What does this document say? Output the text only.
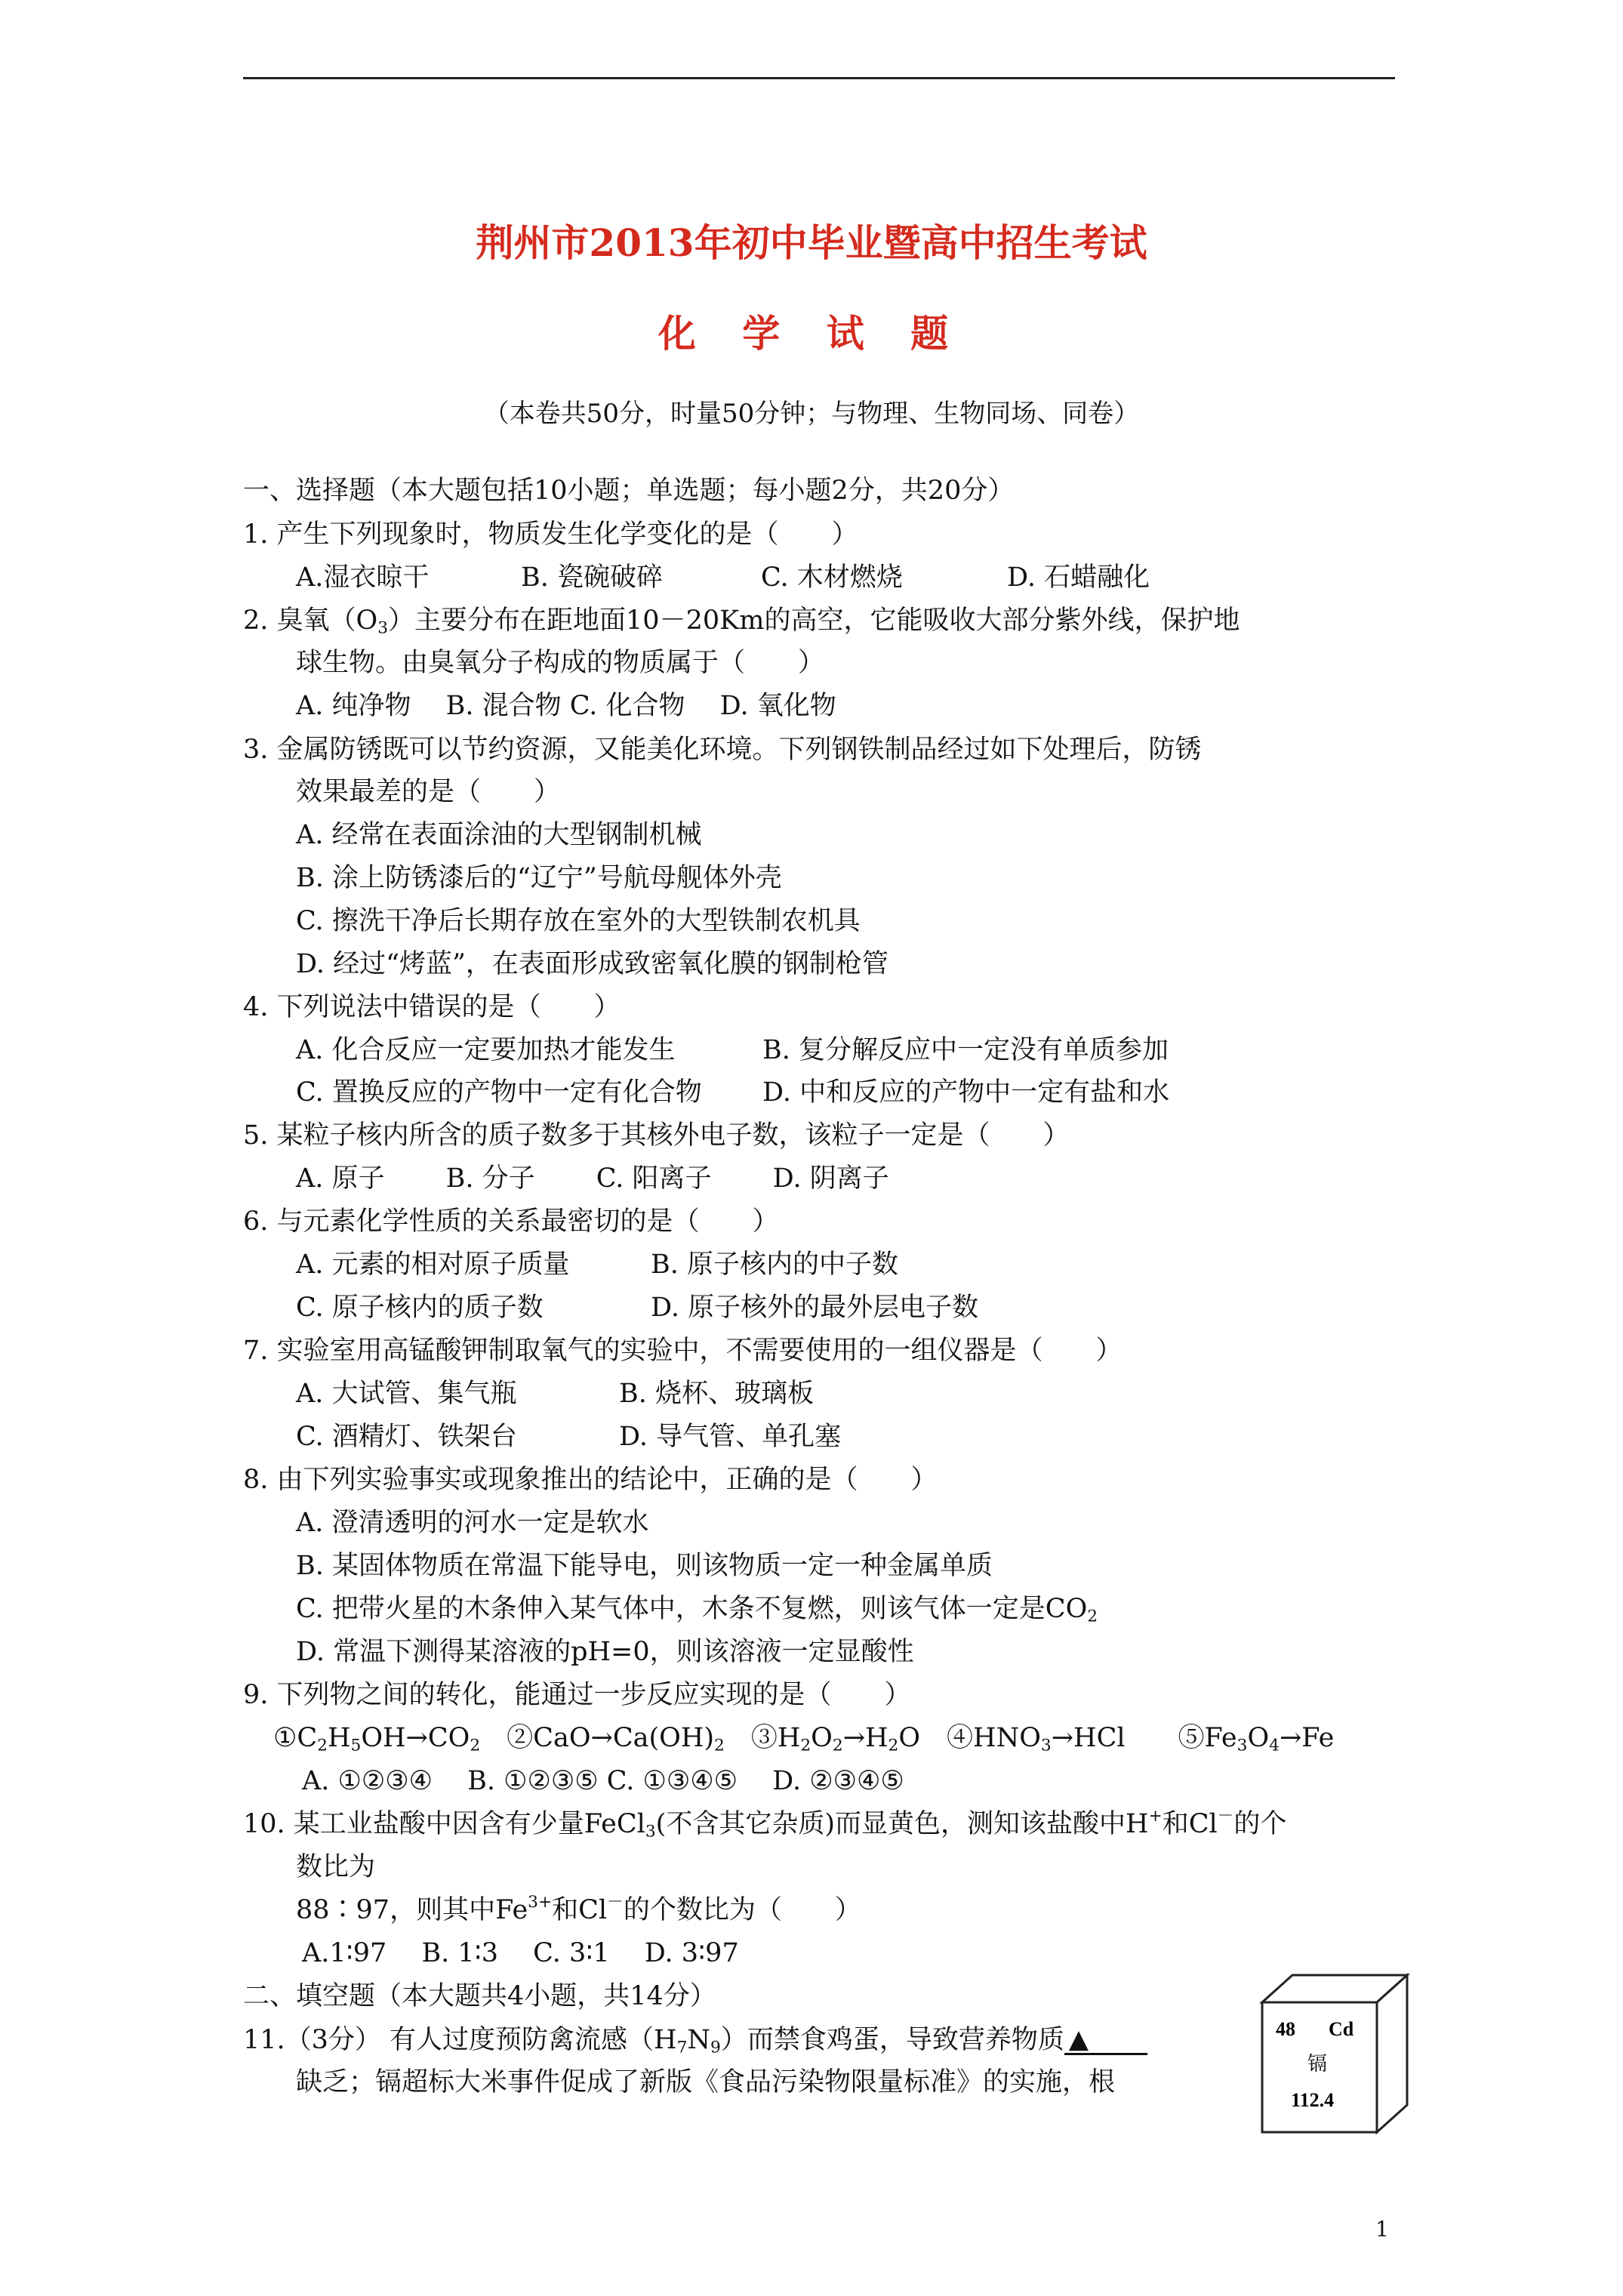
荆州市2013年初中毕业暨高中招生考试
化 学 试 题
（本卷共50分，时量50分钟；与物理、生物同场、同卷）
一、选择题（本大题包括10小题；单选题；每小题2分，共20分）
1. 产生下列现象时，物质发生化学变化的是（　　）
A.湿衣晾干	B. 瓷碗破碎	C. 木材燃烧	D. 石蜡融化
2. 臭氧$(O_3)$主要分布在距地面10－20Km的高空，它能吸收大部分紫外线，保护地
球生物。由臭氧分子构成的物质属于（　　）
A. 纯净物　 B. 混合物 C. 化合物　 D. 氧化物
3. 金属防锈既可以节约资源，又能美化环境。下列钢铁制品经过如下处理后，防锈
效果最差的是（　　）
A. 经常在表面涂油的大型钢制机械
B. 涂上防锈漆后的“辽宁”号航母舰体外壳
C. 擦洗干净后长期存放在室外的大型铁制农机具
D. 经过“烤蓝”，在表面形成致密氧化膜的钢制枪管
4. 下列说法中错误的是（　　）
A. 化合反应一定要加热才能发生	B. 复分解反应中一定没有单质参加
C. 置换反应的产物中一定有化合物 D. 中和反应的产物中一定有盐和水
5. 某粒子核内所含的质子数多于其核外电子数，该粒子一定是（　　）
A. 原子　　 B. 分子　　 C. 阳离子　　 D. 阴离子
6. 与元素化学性质的关系最密切的是（　　）
A. 元素的相对原子质量	B. 原子核内的中子数
C. 原子核内的质子数	D. 原子核外的最外层电子数
7. 实验室用高锰酸钾制取氧气的实验中，不需要使用的一组仪器是（　　）
A. 大试管、集气瓶	B. 烧杯、玻璃板
C. 酒精灯、铁架台	D. 导气管、单孔塞
8. 由下列实验事实或现象推出的结论中，正确的是（　　）
A. 澄清透明的河水一定是软水
B. 某固体物质在常温下能导电，则该物质一定一种金属单质
C. 把带火星的木条伸入某气体中，木条不复燃，则该气体一定是$CO_2$
D. 常温下测得某溶液的pH=0，则该溶液一定显酸性
9. 下列物之间的转化，能通过一步反应实现的是（　　）
$①C_2H_5OH\to CO_2$　$②CaO\to Ca(OH)_2$　$③H_2O_2\to H_2O$　$④HNO_3\to HCl$　　$⑤Fe_3O_4\to Fe$
A. ①②③④　 B. ①②③⑤ C. ①③④⑤　 D. ②③④⑤
10. 某工业盐酸中因含有少量FeCl$_3$(不含其它杂质)而显黄色，测知该盐酸中H+和Cl－的个
数比为
88∶97，则其中$Fe^{3+}$和Cl－的个数比为（　　）
A.1∶97　 B. 1∶3　 C. 3∶1　 D. 3∶97
二、填空题（本大题共4小题，共14分）
11.（3分） 有人过度预防禽流感$(H_7N_9)$而禁食鸡蛋，导致营养物质 ▲
缺乏；镉超标大米事件促成了新版《食品污染物限量标准》的实施，根
48 Cd
镉
112.4
1
